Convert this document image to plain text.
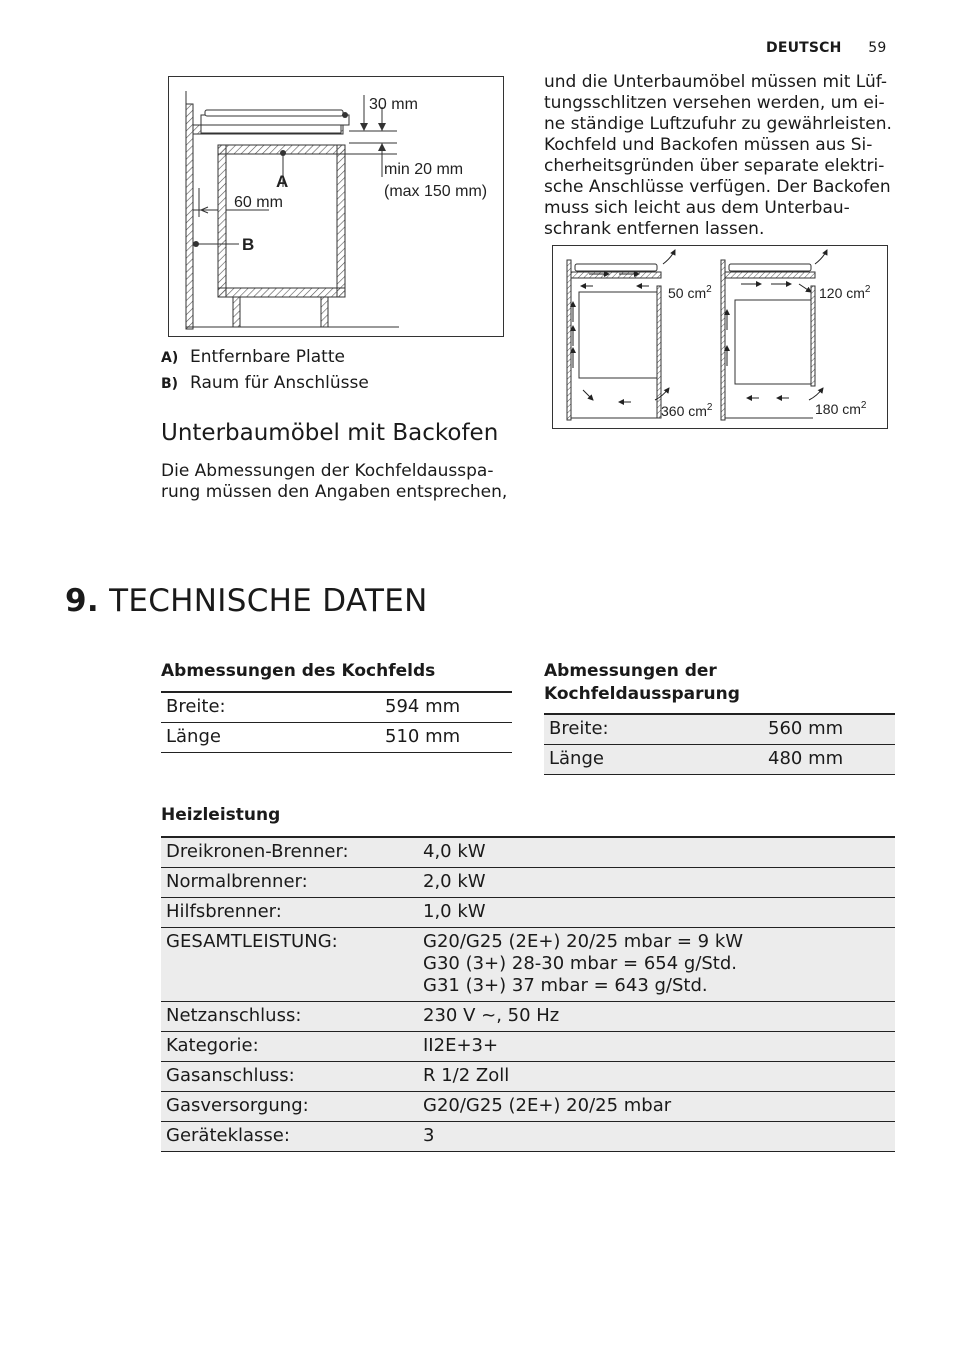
DEUTSCH 59
A
B
60 mm
30 mm
min 20 mm
(max 150 mm)
A) Entfernbare Platte
B) Raum für Anschlüsse
Unterbaumöbel mit Backofen
Die Abmessungen der Kochfeldausspa-
rung müssen den Angaben entsprechen,
und die Unterbaumöbel müssen mit Lüf-
tungsschlitzen versehen werden, um ei-
ne ständige Luftzufuhr zu gewährleisten.
Kochfeld und Backofen müssen aus Si-
cherheitsgründen über separate elektri-
sche Anschlüsse verfügen. Der Backofen
muss sich leicht aus dem Unterbau-
schrank entfernen lassen.
50 $cm^2$
360 $cm^2$
120 $cm^2$
180 $cm^2$
9. TECHNISCHE DATEN
Abmessungen des Kochfelds
Breite:	594 mm
Länge	510 mm
Abmessungen der
Kochfeldaussparung
Breite:	560 mm
Länge	480 mm
Heizleistung
Dreikronen-Brenner:	4,0 kW
Normalbrenner:	2,0 kW
Hilfsbrenner:	1,0 kW
GESAMTLEISTUNG:	G20/G25 (2E+) 20/25 mbar = 9 kW
G30 (3+) 28-30 mbar = 654 g/Std.
G31 (3+) 37 mbar = 643 g/Std.

Netzanschluss:	230 V ~, 50 Hz
Kategorie:	II2E+3+
Gasanschluss:	R 1/2 Zoll
Gasversorgung:	G20/G25 (2E+) 20/25 mbar
Geräteklasse:	3
